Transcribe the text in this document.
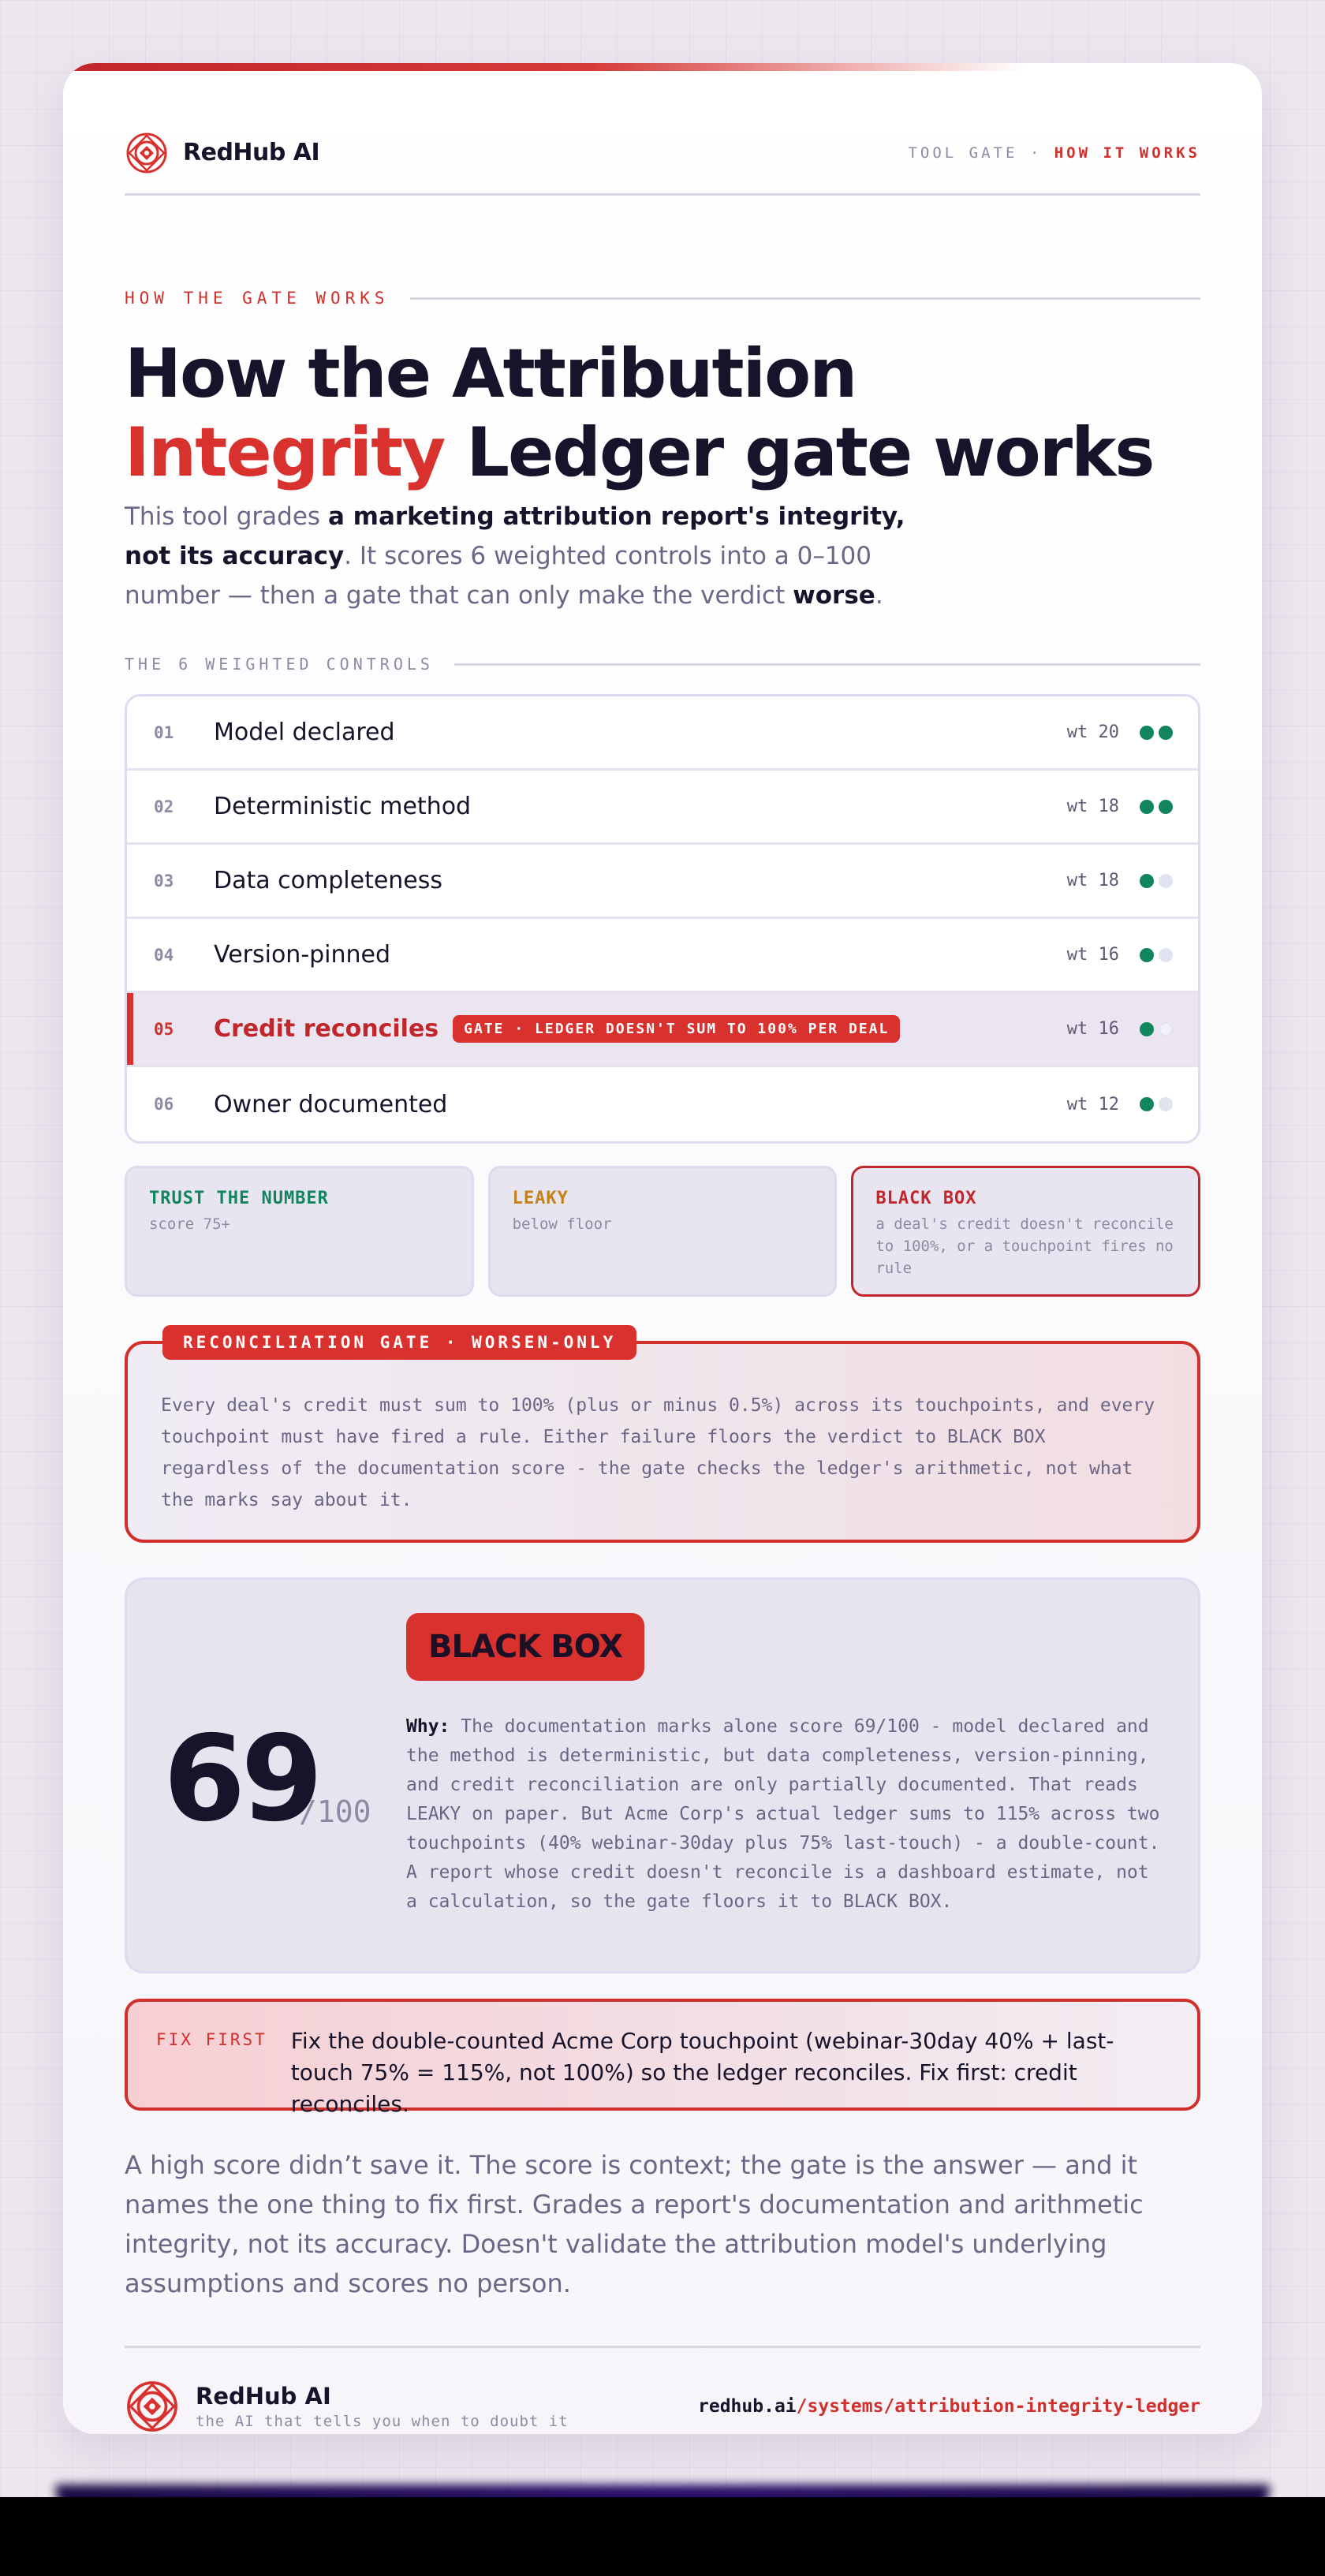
RedHub AI	TOOL GATE · HOW IT WORKS
HOW THE GATE WORKS
How the Attribution
Integrity Ledger gate works

This tool grades a marketing attribution report's integrity, not its accuracy. It scores 6 weighted controls into a 0–100 number — then a gate that can only make the verdict worse.

THE 6 WEIGHTED CONTROLS
01	Model declared	wt 20
02	Deterministic method	wt 18
03	Data completeness	wt 18
04	Version-pinned	wt 16
05	Credit reconciles	GATE · LEDGER DOESN'T SUM TO 100% PER DEAL	wt 16
06	Owner documented	wt 12
TRUST THE NUMBER
score 75+
LEAKY
below floor
BLACK BOX
a deal's credit doesn't reconcile to 100%, or a touchpoint fires no rule
RECONCILIATION GATE · WORSEN-ONLY

Every deal's credit must sum to 100% (plus or minus 0.5%) across its touchpoints, and every touchpoint must have fired a rule. Either failure floors the verdict to BLACK BOX regardless of the documentation score - the gate checks the ledger's arithmetic, not what the marks say about it.

69
/100
BLACK BOX

Why: The documentation marks alone score 69/100 - model declared and the method is deterministic, but data completeness, version-pinning, and credit reconciliation are only partially documented. That reads LEAKY on paper. But Acme Corp's actual ledger sums to 115% across two touchpoints (40% webinar-30day plus 75% last-touch) - a double-count. A report whose credit doesn't reconcile is a dashboard estimate, not a calculation, so the gate floors it to BLACK BOX.

FIX FIRST Fix the double-counted Acme Corp touchpoint (webinar-30day 40% + last-touch 75% = 115%, not 100%) so the ledger reconciles. Fix first: credit reconciles.

A high score didn’t save it. The score is context; the gate is the answer — and it names the one thing to fix first. Grades a report's documentation and arithmetic integrity, not its accuracy. Doesn't validate the attribution model's underlying assumptions and scores no person.

RedHub AI
the AI that tells you when to doubt it
redhub.ai/systems/attribution-integrity-ledger
